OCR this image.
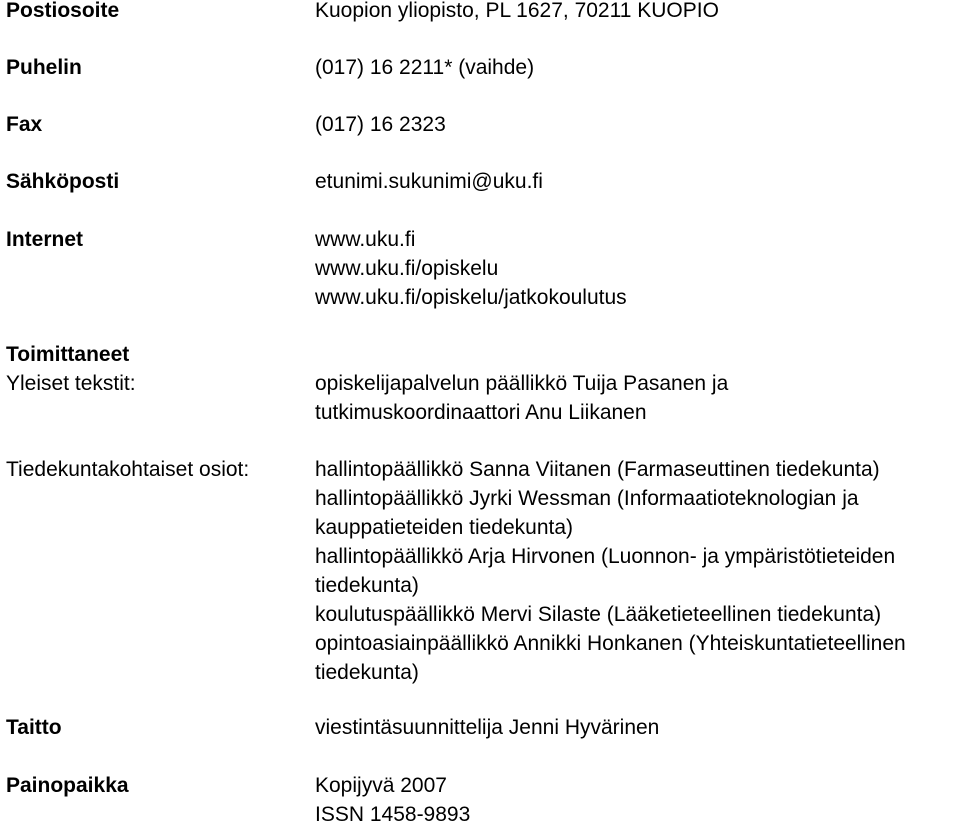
Postiosoite	Kuopion yliopisto, PL 1627, 70211 KUOPIO
Puhelin	(017) 16 2211* (vaihde)
Fax	(017) 16 2323
Sähköposti	etunimi.sukunimi@uku.fi
Internet	www.uku.fi
www.uku.fi/opiskelu
www.uku.fi/opiskelu/jatkokoulutus
Toimittaneet
Yleiset tekstit:	opiskelijapalvelun päällikkö Tuija Pasanen ja
tutkimuskoordinaattori Anu Liikanen
Tiedekuntakohtaiset osiot:	hallintopäällikkö Sanna Viitanen (Farmaseuttinen tiedekunta)
hallintopäällikkö Jyrki Wessman (Informaatioteknologian ja
kauppatieteiden tiedekunta)
hallintopäällikkö Arja Hirvonen (Luonnon- ja ympäristötieteiden
tiedekunta)
koulutuspäällikkö Mervi Silaste (Lääketieteellinen tiedekunta)
opintoasiainpäällikkö Annikki Honkanen (Yhteiskuntatieteellinen
tiedekunta)
Taitto	viestintäsuunnittelija Jenni Hyvärinen
Painopaikka	Kopijyvä 2007
ISSN 1458-9893
